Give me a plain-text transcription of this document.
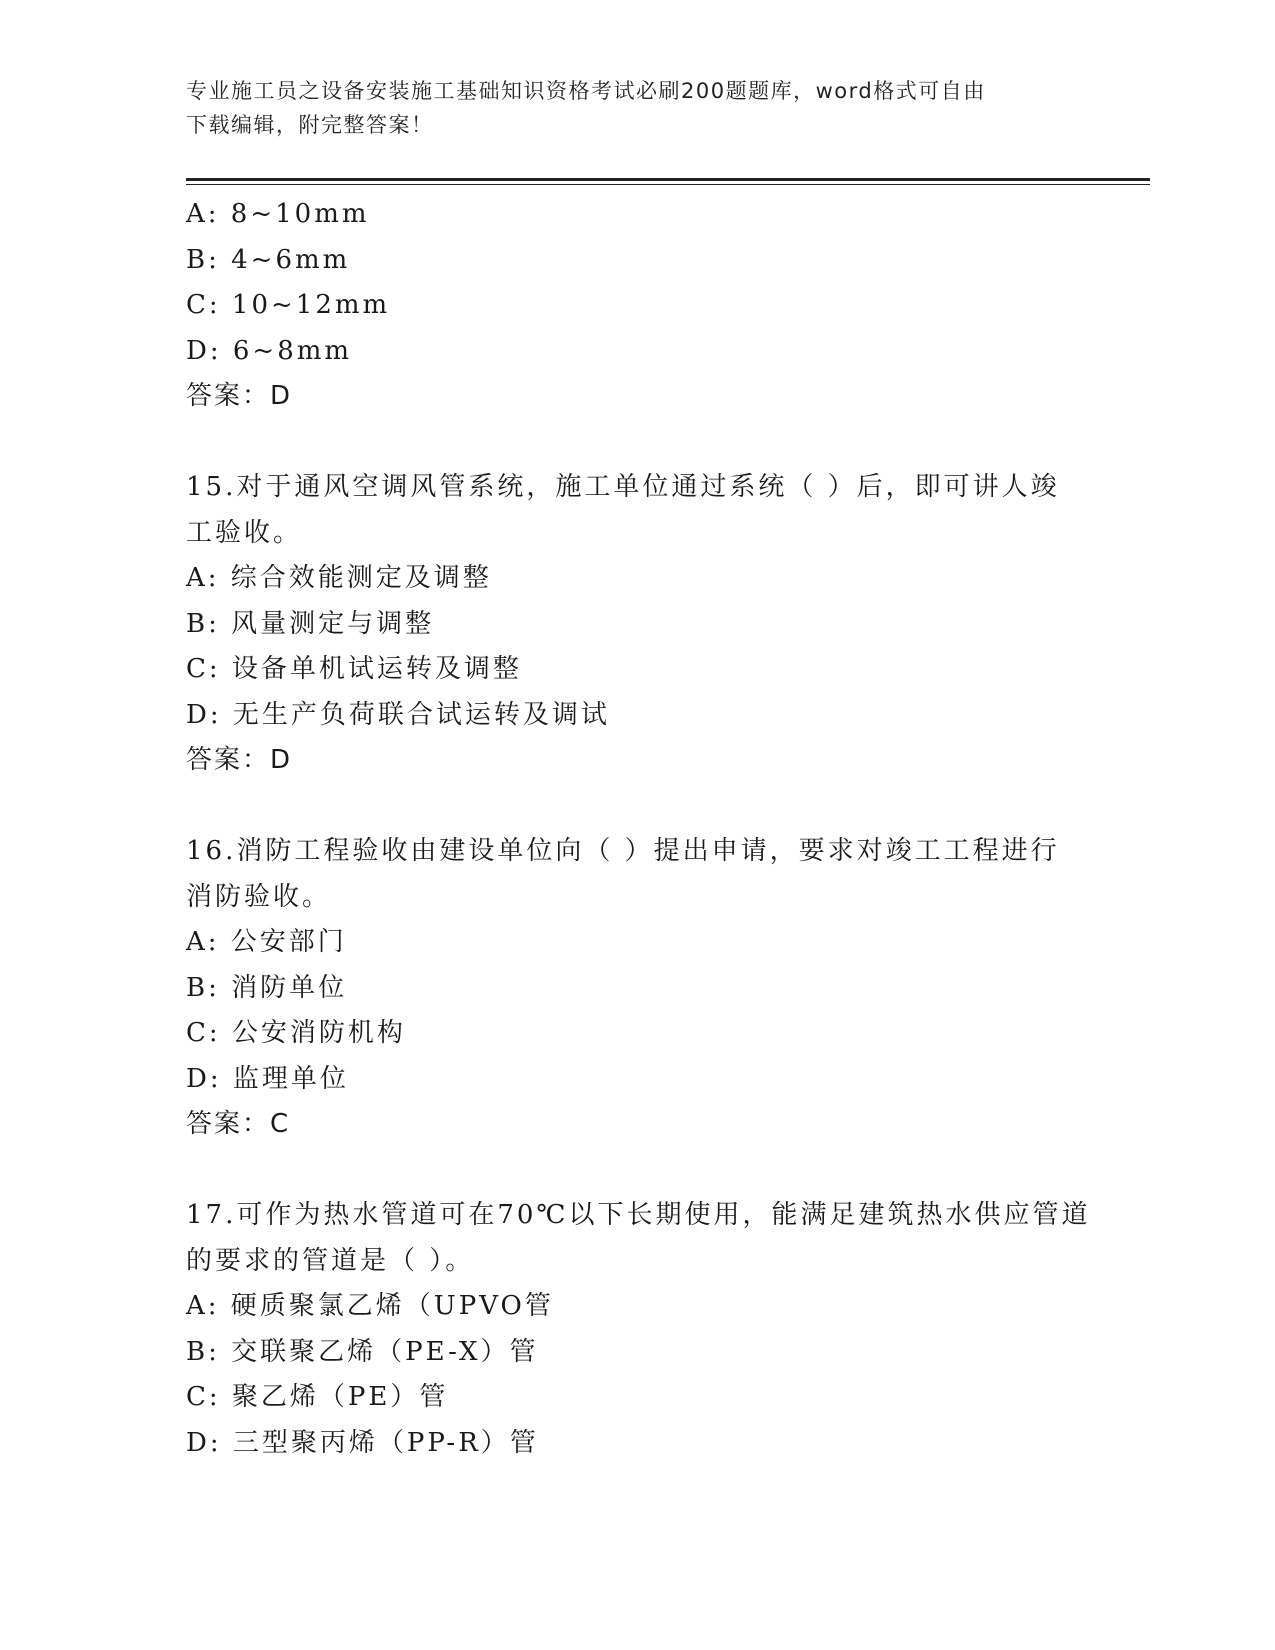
专业施工员之设备安装施工基础知识资格考试必刷200题题库，word格式可自由
下载编辑，附完整答案！
A: 8~10mm
B: 4~6mm
C: 10~12mm
D: 6~8mm
答案：D
15.对于通风空调风管系统，施工单位通过系统（ ）后，即可讲人竣
工验收。
A: 综合效能测定及调整
B: 风量测定与调整
C: 设备单机试运转及调整
D: 无生产负荷联合试运转及调试
答案：D
16.消防工程验收由建设单位向（ ）提出申请，要求对竣工工程进行
消防验收。
A: 公安部门
B: 消防单位
C: 公安消防机构
D: 监理单位
答案：C
17.可作为热水管道可在70℃以下长期使用，能满足建筑热水供应管道
的要求的管道是（ ）。
A: 硬质聚氯乙烯（UPVO管
B: 交联聚乙烯（PE-X）管
C: 聚乙烯（PE）管
D: 三型聚丙烯（PP-R）管
